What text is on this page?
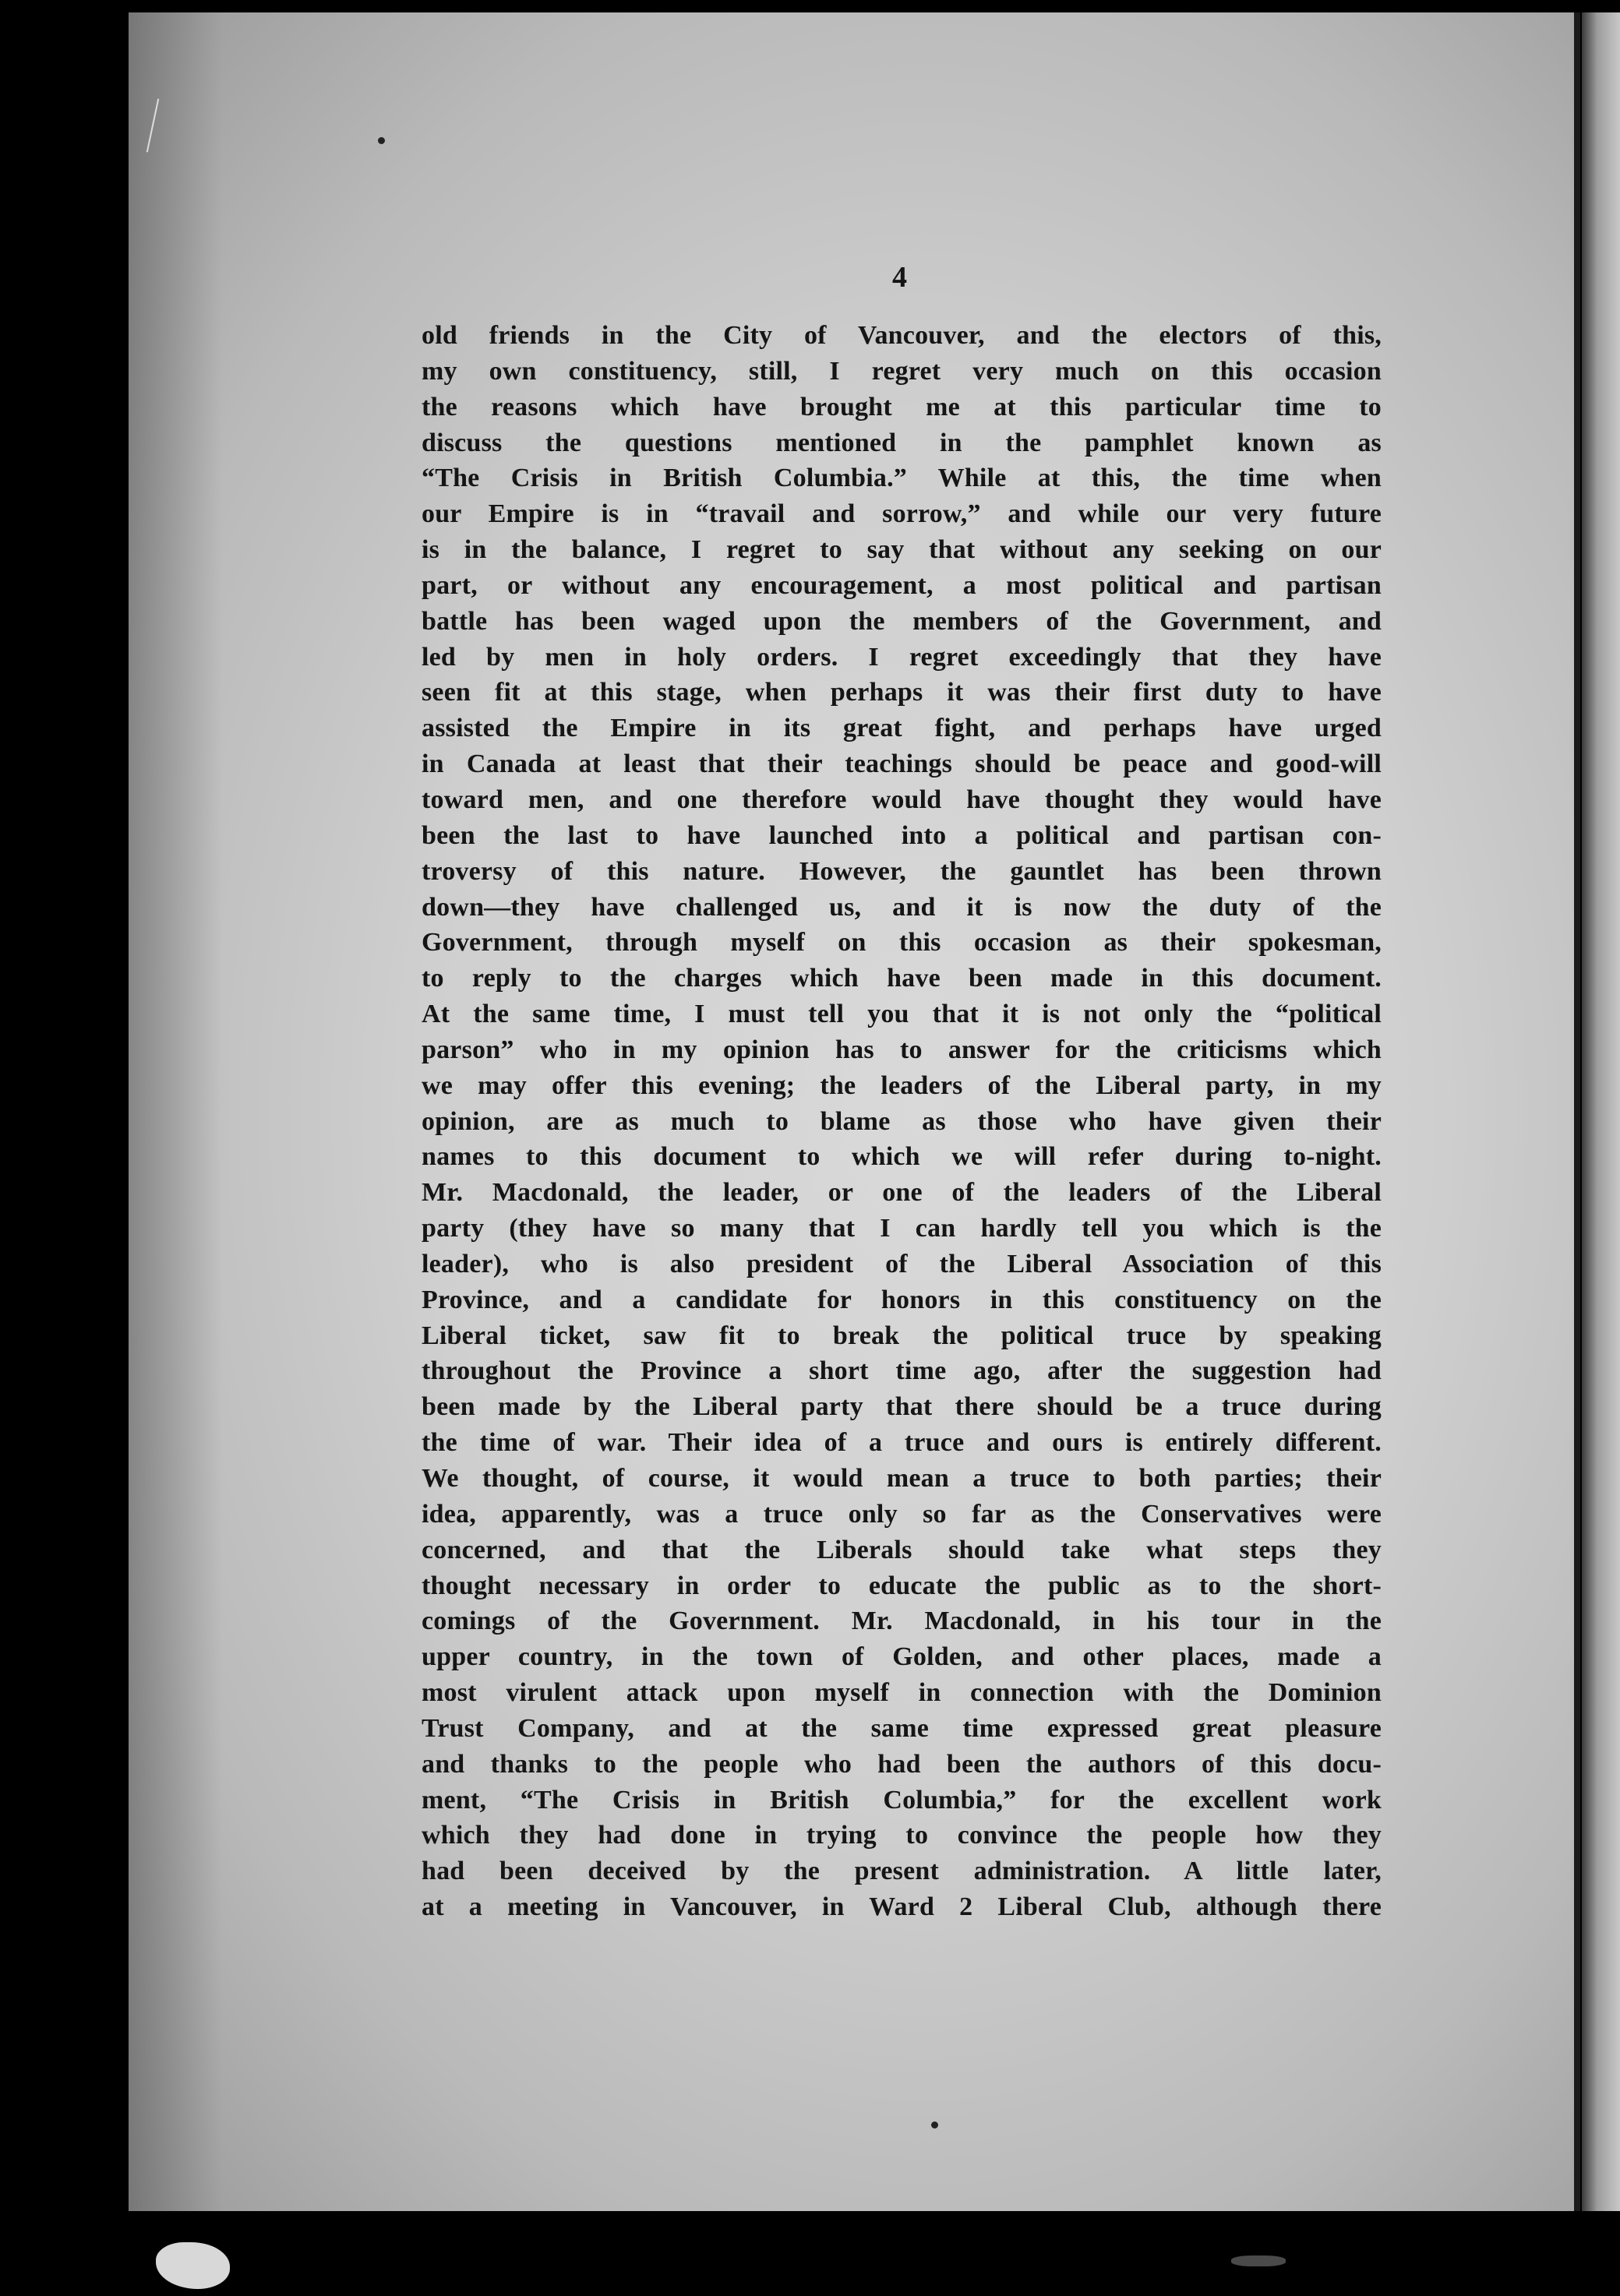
4
old friends in the City of Vancouver, and the electors of this,
my own constituency, still, I regret very much on this occasion
the reasons which have brought me at this particular time to
discuss the questions mentioned in the pamphlet known as
“The Crisis in British Columbia.” While at this, the time when
our Empire is in “travail and sorrow,” and while our very future
is in the balance, I regret to say that without any seeking on our
part, or without any encouragement, a most political and partisan
battle has been waged upon the members of the Government, and
led by men in holy orders. I regret exceedingly that they have
seen fit at this stage, when perhaps it was their first duty to have
assisted the Empire in its great fight, and perhaps have urged
in Canada at least that their teachings should be peace and good-will
toward men, and one therefore would have thought they would have
been the last to have launched into a political and partisan con-
troversy of this nature. However, the gauntlet has been thrown
down—they have challenged us, and it is now the duty of the
Government, through myself on this occasion as their spokesman,
to reply to the charges which have been made in this document.
At the same time, I must tell you that it is not only the “political
parson” who in my opinion has to answer for the criticisms which
we may offer this evening; the leaders of the Liberal party, in my
opinion, are as much to blame as those who have given their
names to this document to which we will refer during to-night.
Mr. Macdonald, the leader, or one of the leaders of the Liberal
party (they have so many that I can hardly tell you which is the
leader), who is also president of the Liberal Association of this
Province, and a candidate for honors in this constituency on the
Liberal ticket, saw fit to break the political truce by speaking
throughout the Province a short time ago, after the suggestion had
been made by the Liberal party that there should be a truce during
the time of war. Their idea of a truce and ours is entirely different.
We thought, of course, it would mean a truce to both parties; their
idea, apparently, was a truce only so far as the Conservatives were
concerned, and that the Liberals should take what steps they
thought necessary in order to educate the public as to the short-
comings of the Government. Mr. Macdonald, in his tour in the
upper country, in the town of Golden, and other places, made a
most virulent attack upon myself in connection with the Dominion
Trust Company, and at the same time expressed great pleasure
and thanks to the people who had been the authors of this docu-
ment, “The Crisis in British Columbia,” for the excellent work
which they had done in trying to convince the people how they
had been deceived by the present administration. A little later,
at a meeting in Vancouver, in Ward 2 Liberal Club, although there
